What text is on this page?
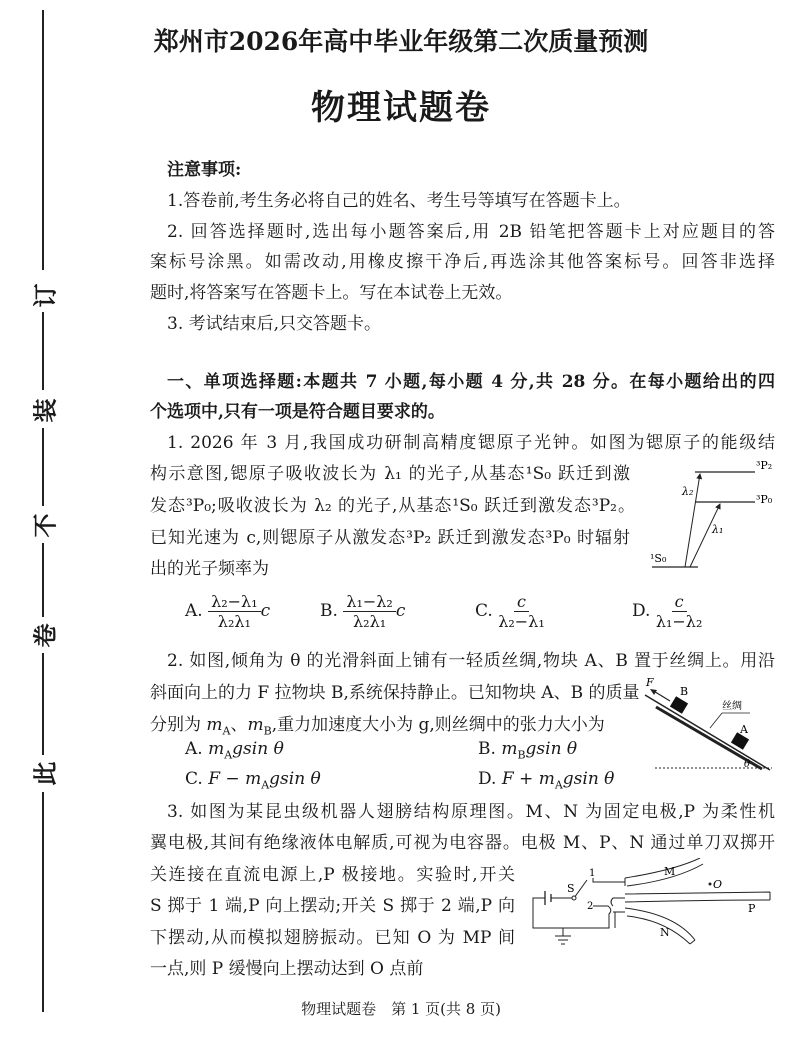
订
装
不
卷
此
郑州市2026年高中毕业年级第二次质量预测
物理试题卷
注意事项:
1.答卷前,考生务必将自己的姓名、考生号等填写在答题卡上。
2. 回答选择题时,选出每小题答案后,用 2B 铅笔把答题卡上对应题目的答
案标号涂黑。如需改动,用橡皮擦干净后,再选涂其他答案标号。回答非选择
题时,将答案写在答题卡上。写在本试卷上无效。
3. 考试结束后,只交答题卡。
一、单项选择题:本题共 7 小题,每小题 4 分,共 28 分。在每小题给出的四
个选项中,只有一项是符合题目要求的。
1. 2026 年 3 月,我国成功研制高精度锶原子光钟。如图为锶原子的能级结
构示意图,锶原子吸收波长为 λ₁ 的光子,从基态¹S₀ 跃迁到激
发态³P₀;吸收波长为 λ₂ 的光子,从基态¹S₀ 跃迁到激发态³P₂。
已知光速为 c,则锶原子从激发态³P₂ 跃迁到激发态³P₀ 时辐射
出的光子频率为
A. $\frac{\text{λ₂−λ₁}}{\text{λ₂λ₁}}$ c	B. $\frac{\text{λ₁−λ₂}}{\text{λ₂λ₁}}$ c	C. $\frac{c}{\text{λ₂−λ₁}}$	D. $\frac{c}{\text{λ₁−λ₂}}$
³P₂
³P₀
¹S₀
λ₂
λ₁
2. 如图,倾角为 θ 的光滑斜面上铺有一轻质丝绸,物块 A、B 置于丝绸上。用沿
斜面向上的力 F 拉物块 B,系统保持静止。已知物块 A、B 的质量
分别为 $m_A$、$m_B$,重力加速度大小为 g,则丝绸中的张力大小为
A. $m_Agsin$ θ	B. $m_Bgsin$ θ
C. $F - m_Agsin$ θ	D. $F + m_Agsin$ θ
F
B
A
丝绸
θ
3. 如图为某昆虫级机器人翅膀结构原理图。M、N 为固定电极,P 为柔性机
翼电极,其间有绝缘液体电解质,可视为电容器。电极 M、P、N 通过单刀双掷开
关连接在直流电源上,P 极接地。实验时,开关
S 掷于 1 端,P 向上摆动;开关 S 掷于 2 端,P 向
下摆动,从而模拟翅膀振动。已知 O 为 MP 间
一点,则 P 缓慢向上摆动达到 O 点前
M
O
P
N
S
1
2
物理试题卷　第 1 页(共 8 页)
